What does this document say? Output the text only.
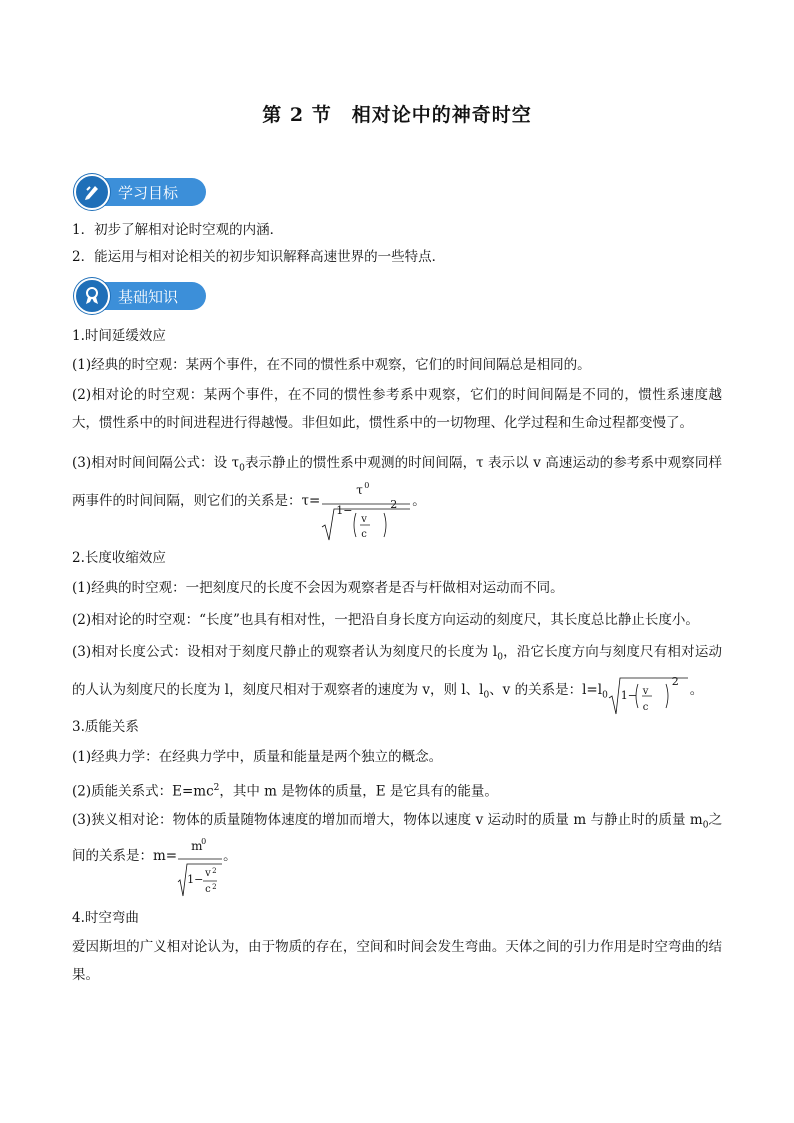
第 2 节　相对论中的神奇时空
学习目标
1．初步了解相对论时空观的内涵．
2．能运用与相对论相关的初步知识解释高速世界的一些特点．
基础知识
1.时间延缓效应
(1)经典的时空观：某两个事件，在不同的惯性系中观察，它们的时间间隔总是相同的。
(2)相对论的时空观：某两个事件，在不同的惯性参考系中观察，它们的时间间隔是不同的，惯性系速度越大，惯性系中的时间进程进行得越慢。非但如此，惯性系中的一切物理、化学过程和生命过程都变慢了。
(3)相对时间间隔公式：设 $\tau_0$表示静止的惯性系中观测的时间间隔，τ 表示以 v 高速运动的参考系中观察同样两事件的时间间隔，则它们的关系是：τ=
τ 0
1−
v
c
2 。
2.长度收缩效应
(1)经典的时空观：一把刻度尺的长度不会因为观察者是否与杆做相对运动而不同。
(2)相对论的时空观：“长度”也具有相对性，一把沿自身长度方向运动的刻度尺，其长度总比静止长度小。
(3)相对长度公式：设相对于刻度尺静止的观察者认为刻度尺的长度为 $l_0$，沿它长度方向与刻度尺有相对运动的人认为刻度尺的长度为 l，刻度尺相对于观察者的速度为 v，则 l、$l_0$、v 的关系是：$l=l_0$ 1− v
c
2
。
3.质能关系
(1)经典力学：在经典力学中，质量和能量是两个独立的概念。
(2)质能关系式：$E=mc^2$，其中 m 是物体的质量，E 是它具有的能量。
(3)狭义相对论：物体的质量随物体速度的增加而增大，物体以速度 v 运动时的质量 m 与静止时的质量 $m_0$之间的关系是：m=
m
0
1− v 2
c 2
。
4.时空弯曲
爱因斯坦的广义相对论认为，由于物质的存在，空间和时间会发生弯曲。天体之间的引力作用是时空弯曲的结果。
